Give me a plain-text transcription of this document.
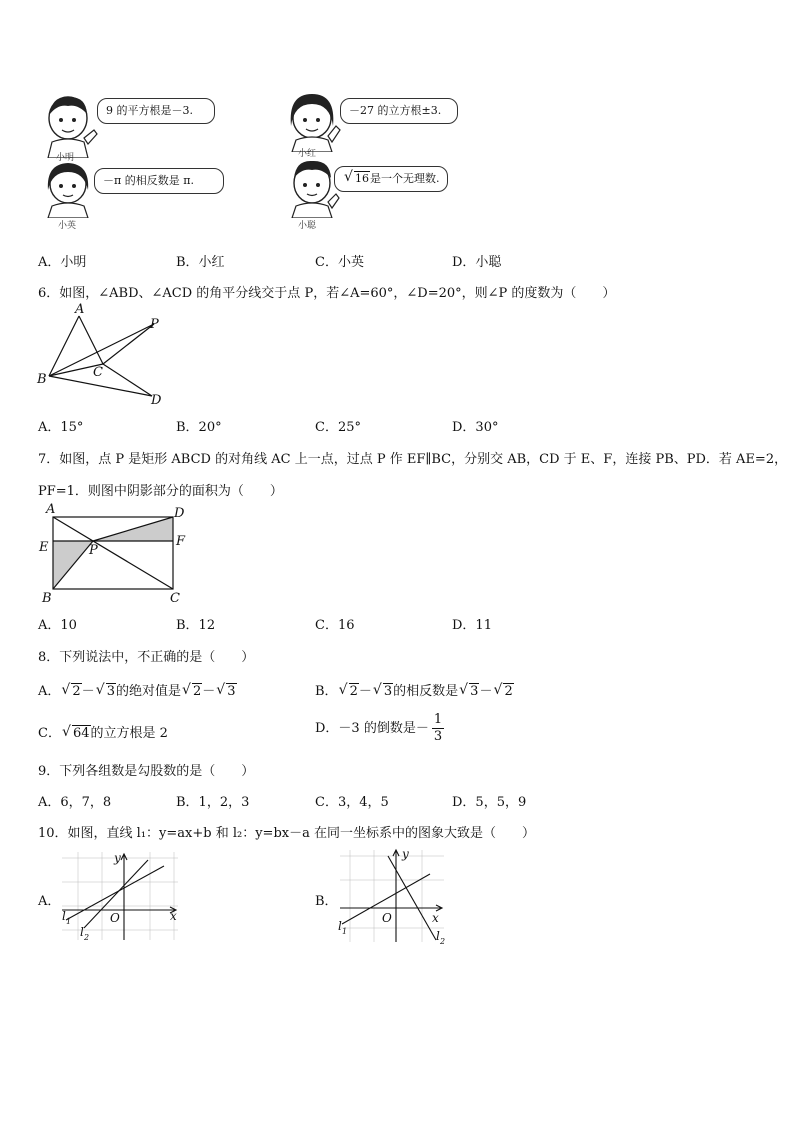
9 的平方根是－3.
小明
－π 的相反数是 π.
小英
－27 的立方根±3.
小红
√ 16是一个无理数.
小聪
A．小明	B．小红	C．小英	D．小聪
6．如图，∠ABD、∠ACD 的角平分线交于点 P，若∠A=60°，∠D=20°，则∠P 的度数为（　　）
A
B	C
D
P
A．15°	B．20°	C．25°	D．30°
7．如图，点 P 是矩形 ABCD 的对角线 AC 上一点，过点 P 作 EF∥BC，分别交 AB，CD 于 E、F，连接 PB、PD．若 AE=2，
PF=1．则图中阴影部分的面积为（　　）
A
E
B
D
F
C
P
A．10	B．12	C．16	D．11
8．下列说法中，不正确的是（　　）
A． √ 2－ √ 3的绝对值是 √ 2－ √ 3	B． √ 2－ √ 3的相反数是 √ 3－ √ 2
C． √ 64的立方根是 2	D．－3 的倒数是－ $\frac{1}{3}$
9．下列各组数是勾股数的是（　　）
A．6，7，8	B．1，2，3	C．3，4，5	D．5，5，9
10．如图，直线 l₁：y=ax+b 和 l₂：y=bx－a 在同一坐标系中的图象大致是（　　）
A．
x
y
O
l 1
l 2
B．
x
y
O
l 1	l 2
